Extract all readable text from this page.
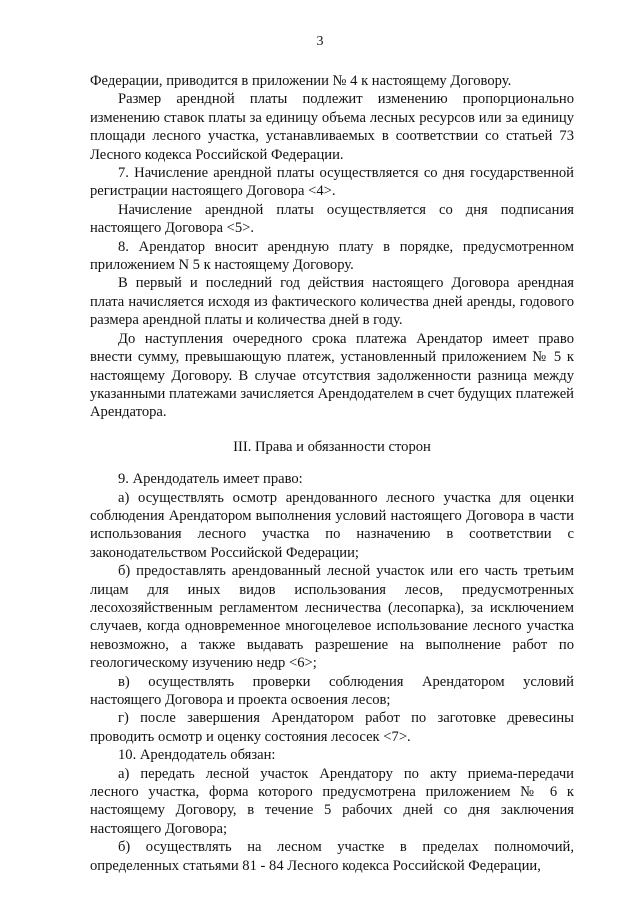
3

Федерации, приводится в приложении № 4 к настоящему Договору.

Размер арендной платы подлежит изменению пропорционально изменению ставок платы за единицу объема лесных ресурсов или за единицу площади лесного участка, устанавливаемых в соответствии со статьей 73 Лесного кодекса Российской Федерации.

7. Начисление арендной платы осуществляется со дня государственной регистрации настоящего Договора <4>.

Начисление арендной платы осуществляется со дня подписания настоящего Договора <5>.

8. Арендатор вносит арендную плату в порядке, предусмотренном приложением N 5 к настоящему Договору.

В первый и последний год действия настоящего Договора арендная плата начисляется исходя из фактического количества дней аренды, годового размера арендной платы и количества дней в году.

До наступления очередного срока платежа Арендатор имеет право внести сумму, превышающую платеж, установленный приложением № 5 к настоящему Договору. В случае отсутствия задолженности разница между указанными платежами зачисляется Арендодателем в счет будущих платежей Арендатора.

III. Права и обязанности сторон

9. Арендодатель имеет право:

а) осуществлять осмотр арендованного лесного участка для оценки соблюдения Арендатором выполнения условий настоящего Договора в части использования лесного участка по назначению в соответствии с законодательством Российской Федерации;

б) предоставлять арендованный лесной участок или его часть третьим лицам для иных видов использования лесов, предусмотренных лесохозяйственным регламентом лесничества (лесопарка), за исключением случаев, когда одновременное многоцелевое использование лесного участка невозможно, а также выдавать разрешение на выполнение работ по геологическому изучению недр <6>;

в) осуществлять проверки соблюдения Арендатором условий настоящего Договора и проекта освоения лесов;

г) после завершения Арендатором работ по заготовке древесины проводить осмотр и оценку состояния лесосек <7>.

10. Арендодатель обязан:

а) передать лесной участок Арендатору по акту приема-передачи лесного участка, форма которого предусмотрена приложением № 6 к настоящему Договору, в течение 5 рабочих дней со дня заключения настоящего Договора;

б) осуществлять на лесном участке в пределах полномочий, определенных статьями 81 - 84 Лесного кодекса Российской Федерации,
